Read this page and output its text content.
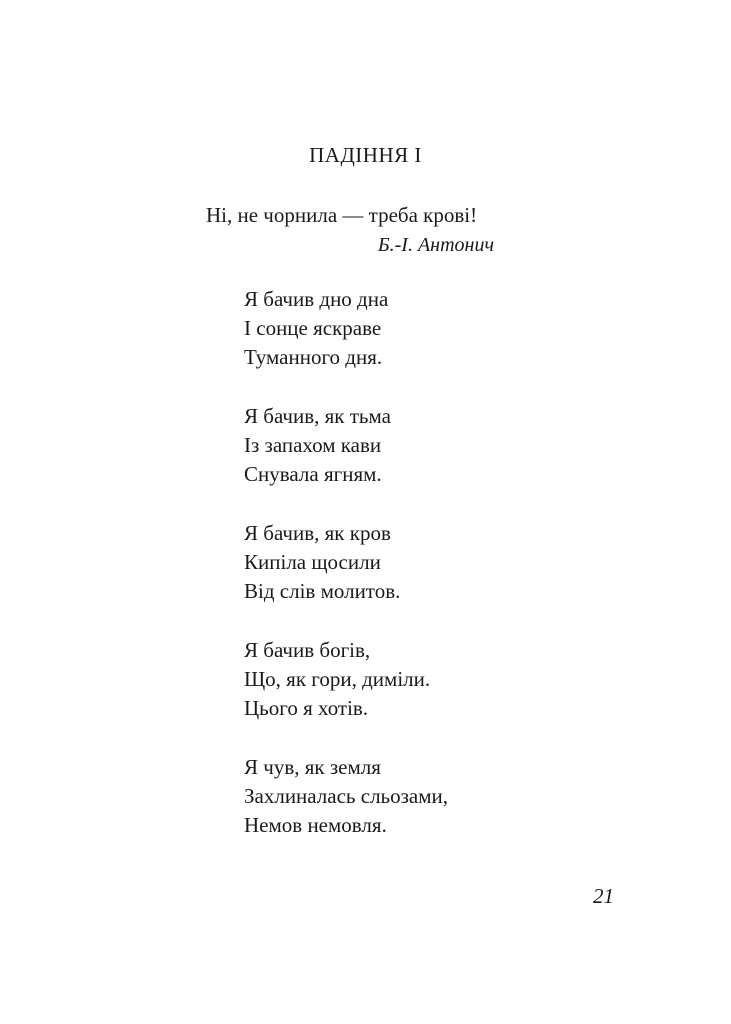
ПАДІННЯ І
Ні, не чорнила — треба крові!
Б.-І. Антонич
Я бачив дно дна
І сонце яскраве
Туманного дня.
Я бачив, як тьма
Із запахом кави
Снувала ягням.
Я бачив, як кров
Кипіла щосили
Від слів молитов.
Я бачив богів,
Що, як гори, диміли.
Цього я хотів.
Я чув, як земля
Захлиналась сльозами,
Немов немовля.
21
